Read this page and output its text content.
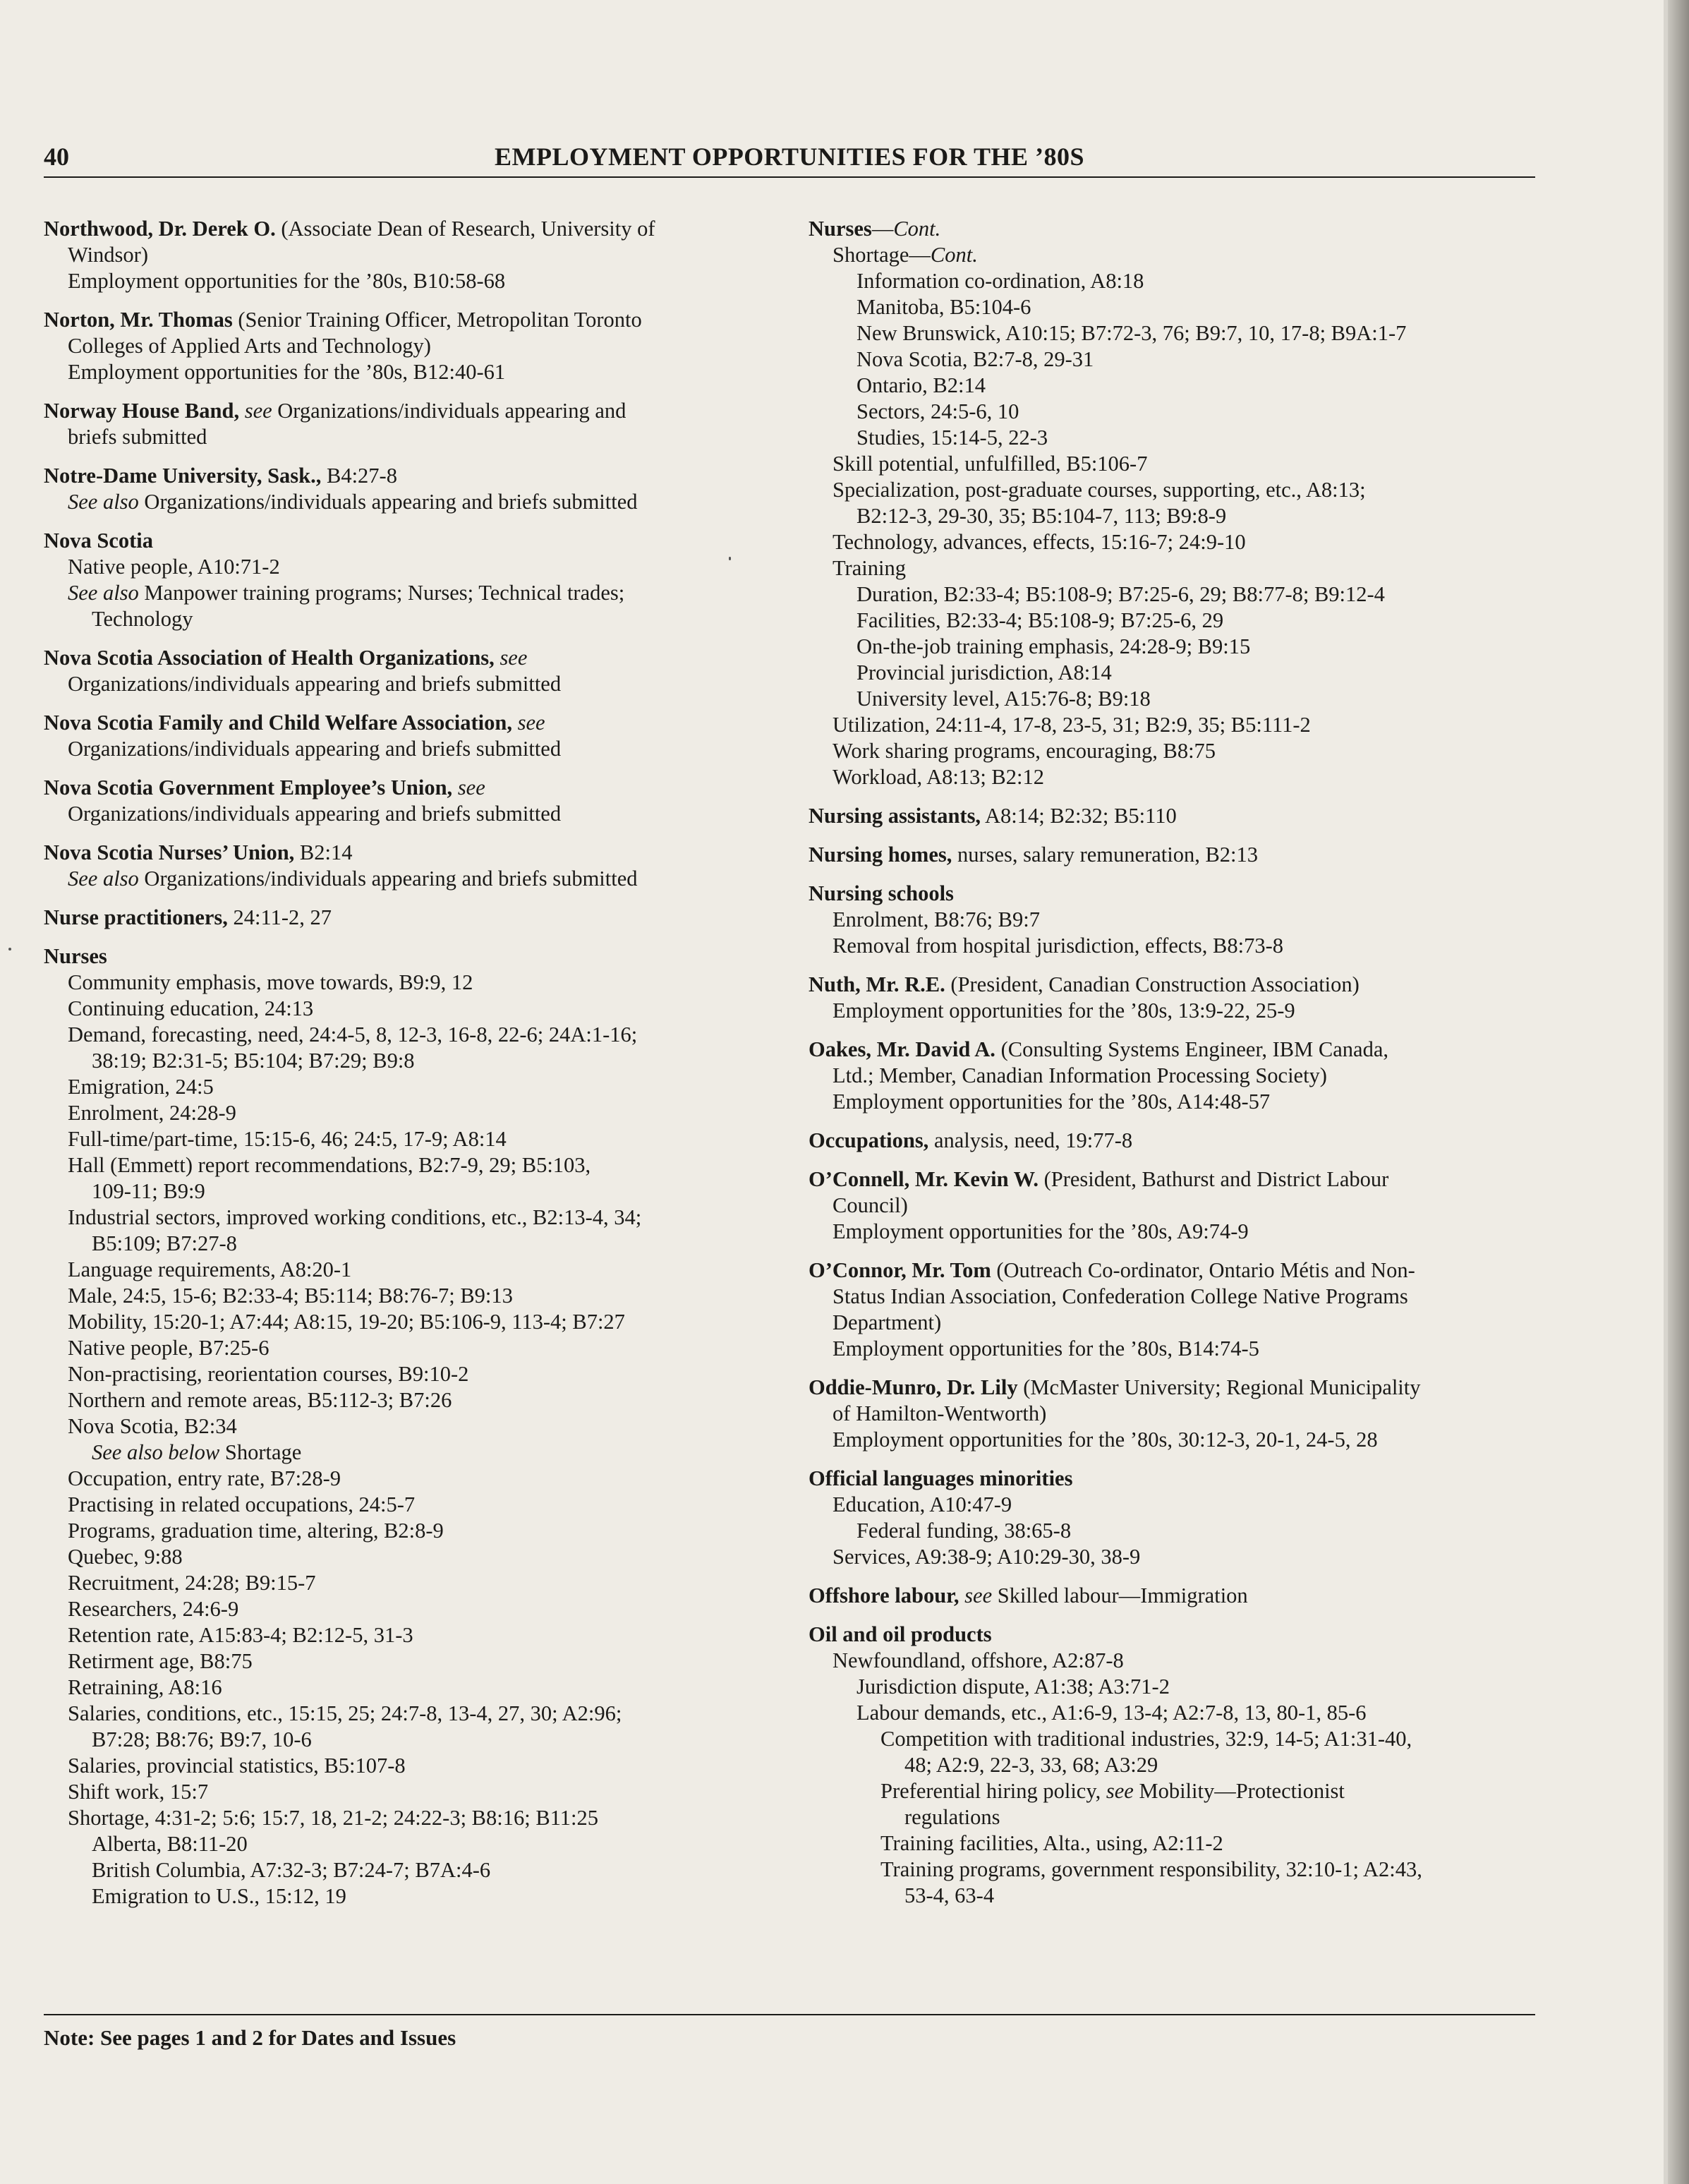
40	EMPLOYMENT OPPORTUNITIES FOR THE ’80S
Northwood, Dr. Derek O. (Associate Dean of Research, University of
Windsor)
Employment opportunities for the ’80s, B10:58-68
Norton, Mr. Thomas (Senior Training Officer, Metropolitan Toronto
Colleges of Applied Arts and Technology)
Employment opportunities for the ’80s, B12:40-61
Norway House Band, see Organizations/individuals appearing and
briefs submitted
Notre-Dame University, Sask., B4:27-8
See also Organizations/individuals appearing and briefs submitted
Nova Scotia
Native people, A10:71-2
See also Manpower training programs; Nurses; Technical trades;
Technology
Nova Scotia Association of Health Organizations, see
Organizations/individuals appearing and briefs submitted
Nova Scotia Family and Child Welfare Association, see
Organizations/individuals appearing and briefs submitted
Nova Scotia Government Employee’s Union, see
Organizations/individuals appearing and briefs submitted
Nova Scotia Nurses’ Union, B2:14
See also Organizations/individuals appearing and briefs submitted
Nurse practitioners, 24:11-2, 27
Nurses
Community emphasis, move towards, B9:9, 12
Continuing education, 24:13
Demand, forecasting, need, 24:4-5, 8, 12-3, 16-8, 22-6; 24A:1-16;
38:19; B2:31-5; B5:104; B7:29; B9:8
Emigration, 24:5
Enrolment, 24:28-9
Full-time/part-time, 15:15-6, 46; 24:5, 17-9; A8:14
Hall (Emmett) report recommendations, B2:7-9, 29; B5:103,
109-11; B9:9
Industrial sectors, improved working conditions, etc., B2:13-4, 34;
B5:109; B7:27-8
Language requirements, A8:20-1
Male, 24:5, 15-6; B2:33-4; B5:114; B8:76-7; B9:13
Mobility, 15:20-1; A7:44; A8:15, 19-20; B5:106-9, 113-4; B7:27
Native people, B7:25-6
Non-practising, reorientation courses, B9:10-2
Northern and remote areas, B5:112-3; B7:26
Nova Scotia, B2:34
See also below Shortage
Occupation, entry rate, B7:28-9
Practising in related occupations, 24:5-7
Programs, graduation time, altering, B2:8-9
Quebec, 9:88
Recruitment, 24:28; B9:15-7
Researchers, 24:6-9
Retention rate, A15:83-4; B2:12-5, 31-3
Retirment age, B8:75
Retraining, A8:16
Salaries, conditions, etc., 15:15, 25; 24:7-8, 13-4, 27, 30; A2:96;
B7:28; B8:76; B9:7, 10-6
Salaries, provincial statistics, B5:107-8
Shift work, 15:7
Shortage, 4:31-2; 5:6; 15:7, 18, 21-2; 24:22-3; B8:16; B11:25
Alberta, B8:11-20
British Columbia, A7:32-3; B7:24-7; B7A:4-6
Emigration to U.S., 15:12, 19
Nurses—Cont.
Shortage—Cont.
Information co-ordination, A8:18
Manitoba, B5:104-6
New Brunswick, A10:15; B7:72-3, 76; B9:7, 10, 17-8; B9A:1-7
Nova Scotia, B2:7-8, 29-31
Ontario, B2:14
Sectors, 24:5-6, 10
Studies, 15:14-5, 22-3
Skill potential, unfulfilled, B5:106-7
Specialization, post-graduate courses, supporting, etc., A8:13;
B2:12-3, 29-30, 35; B5:104-7, 113; B9:8-9
Technology, advances, effects, 15:16-7; 24:9-10
Training
Duration, B2:33-4; B5:108-9; B7:25-6, 29; B8:77-8; B9:12-4
Facilities, B2:33-4; B5:108-9; B7:25-6, 29
On-the-job training emphasis, 24:28-9; B9:15
Provincial jurisdiction, A8:14
University level, A15:76-8; B9:18
Utilization, 24:11-4, 17-8, 23-5, 31; B2:9, 35; B5:111-2
Work sharing programs, encouraging, B8:75
Workload, A8:13; B2:12
Nursing assistants, A8:14; B2:32; B5:110
Nursing homes, nurses, salary remuneration, B2:13
Nursing schools
Enrolment, B8:76; B9:7
Removal from hospital jurisdiction, effects, B8:73-8
Nuth, Mr. R.E. (President, Canadian Construction Association)
Employment opportunities for the ’80s, 13:9-22, 25-9
Oakes, Mr. David A. (Consulting Systems Engineer, IBM Canada,
Ltd.; Member, Canadian Information Processing Society)
Employment opportunities for the ’80s, A14:48-57
Occupations, analysis, need, 19:77-8
O’Connell, Mr. Kevin W. (President, Bathurst and District Labour
Council)
Employment opportunities for the ’80s, A9:74-9
O’Connor, Mr. Tom (Outreach Co-ordinator, Ontario Métis and Non-
Status Indian Association, Confederation College Native Programs
Department)
Employment opportunities for the ’80s, B14:74-5
Oddie-Munro, Dr. Lily (McMaster University; Regional Municipality
of Hamilton-Wentworth)
Employment opportunities for the ’80s, 30:12-3, 20-1, 24-5, 28
Official languages minorities
Education, A10:47-9
Federal funding, 38:65-8
Services, A9:38-9; A10:29-30, 38-9
Offshore labour, see Skilled labour—Immigration
Oil and oil products
Newfoundland, offshore, A2:87-8
Jurisdiction dispute, A1:38; A3:71-2
Labour demands, etc., A1:6-9, 13-4; A2:7-8, 13, 80-1, 85-6
Competition with traditional industries, 32:9, 14-5; A1:31-40,
48; A2:9, 22-3, 33, 68; A3:29
Preferential hiring policy, see Mobility—Protectionist
regulations
Training facilities, Alta., using, A2:11-2
Training programs, government responsibility, 32:10-1; A2:43,
53-4, 63-4
Note: See pages 1 and 2 for Dates and Issues
